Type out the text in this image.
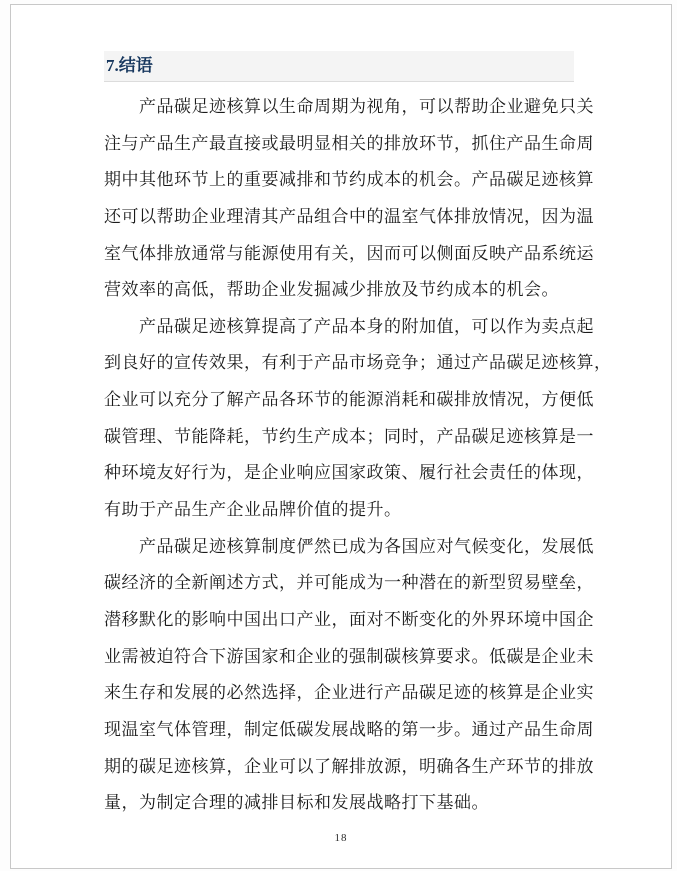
7.结语
产品碳足迹核算以生命周期为视角，可以帮助企业避免只关
注与产品生产最直接或最明显相关的排放环节，抓住产品生命周
期中其他环节上的重要减排和节约成本的机会。产品碳足迹核算
还可以帮助企业理清其产品组合中的温室气体排放情况，因为温
室气体排放通常与能源使用有关，因而可以侧面反映产品系统运
营效率的高低，帮助企业发掘减少排放及节约成本的机会。
产品碳足迹核算提高了产品本身的附加值，可以作为卖点起
到良好的宣传效果，有利于产品市场竞争；通过产品碳足迹核算，
企业可以充分了解产品各环节的能源消耗和碳排放情况，方便低
碳管理、节能降耗，节约生产成本；同时，产品碳足迹核算是一
种环境友好行为，是企业响应国家政策、履行社会责任的体现，
有助于产品生产企业品牌价值的提升。
产品碳足迹核算制度俨然已成为各国应对气候变化，发展低
碳经济的全新阐述方式，并可能成为一种潜在的新型贸易壁垒，
潜移默化的影响中国出口产业，面对不断变化的外界环境中国企
业需被迫符合下游国家和企业的强制碳核算要求。低碳是企业未
来生存和发展的必然选择，企业进行产品碳足迹的核算是企业实
现温室气体管理，制定低碳发展战略的第一步。通过产品生命周
期的碳足迹核算，企业可以了解排放源，明确各生产环节的排放
量，为制定合理的减排目标和发展战略打下基础。
18
